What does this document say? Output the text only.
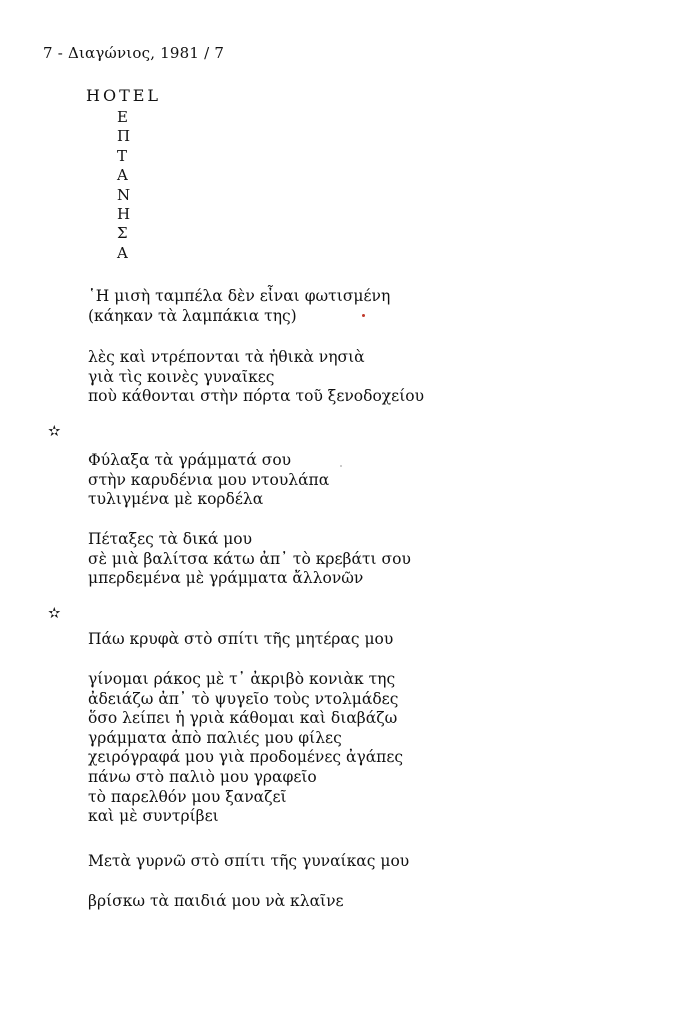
7 - Διαγώνιος, 1981 / 7
HOTEL
Ε
Π
Τ
Α
Ν
Η
Σ
Α
῾Η μισὴ ταμπέλα δὲν εἶναι φωτισμένη
(κάηκαν τὰ λαμπάκια της)
λὲς καὶ ντρέπονται τὰ ἠθικὰ νησιὰ
γιὰ τὶς κοινὲς γυναῖκες
ποὺ κάθονται στὴν πόρτα τοῦ ξενοδοχείου
✫
Φύλαξα τὰ γράμματά σου
στὴν καρυδένια μου ντουλάπα
τυλιγμένα μὲ κορδέλα
Πέταξες τὰ δικά μου
σὲ μιὰ βαλίτσα κάτω ἀπ᾿ τὸ κρεβάτι σου
μπερδεμένα μὲ γράμματα ἄλλονῶν
✫
Πάω κρυφὰ στὸ σπίτι τῆς μητέρας μου
γίνομαι ράκος μὲ τ᾿ ἀκριβὸ κονιὰκ της
ἀδειάζω ἀπ᾿ τὸ ψυγεῖο τοὺς ντολμάδες
ὅσο λείπει ἡ γριὰ κάθομαι καὶ διαβάζω
γράμματα ἀπὸ παλιές μου φίλες
χειρόγραφά μου γιὰ προδομένες ἀγάπες
πάνω στὸ παλιὸ μου γραφεῖο
τὸ παρελθόν μου ξαναζεῖ
καὶ μὲ συντρίβει
Μετὰ γυρνῶ στὸ σπίτι τῆς γυναίκας μου
βρίσκω τὰ παιδιά μου νὰ κλαῖνε
